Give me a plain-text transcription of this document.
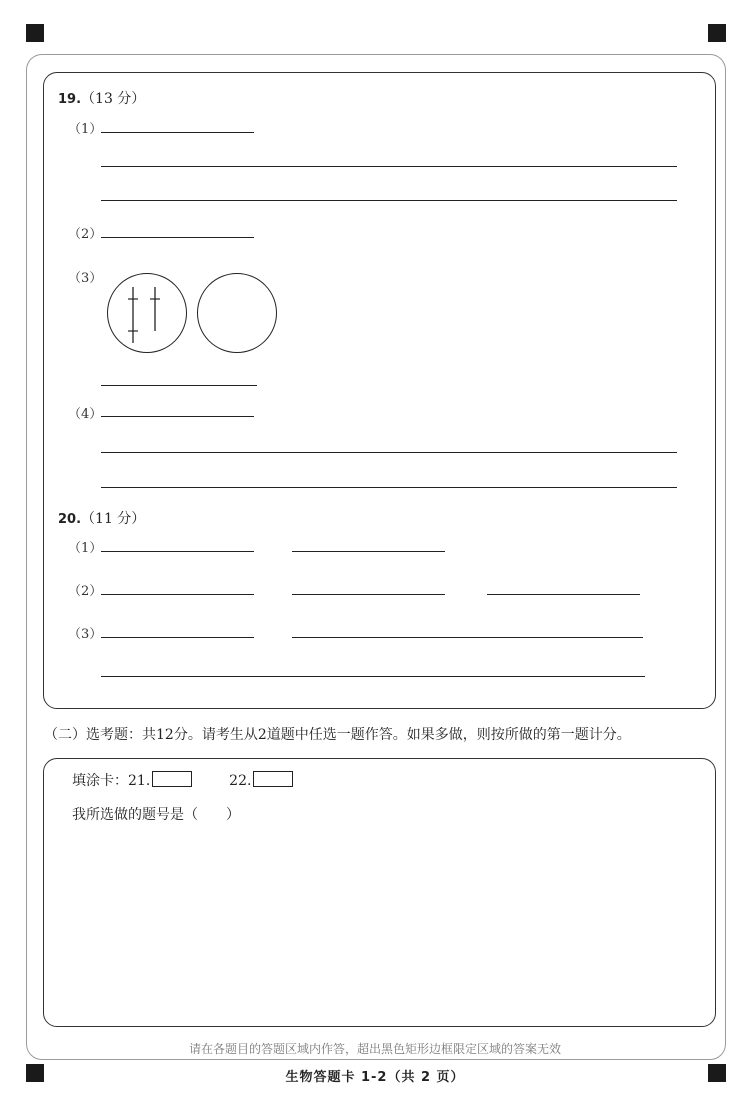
19.（13 分）
（1）
（2）
（3）
（4）
20.（11 分）
（1）
（2）
（3）
（二）选考题：共12分。请考生从2道题中任选一题作答。如果多做，则按所做的第一题计分。
填涂卡：21.	22.
我所选做的题号是（　　）
请在各题目的答题区域内作答，超出黑色矩形边框限定区域的答案无效
生物答题卡 1-2（共 2 页）
